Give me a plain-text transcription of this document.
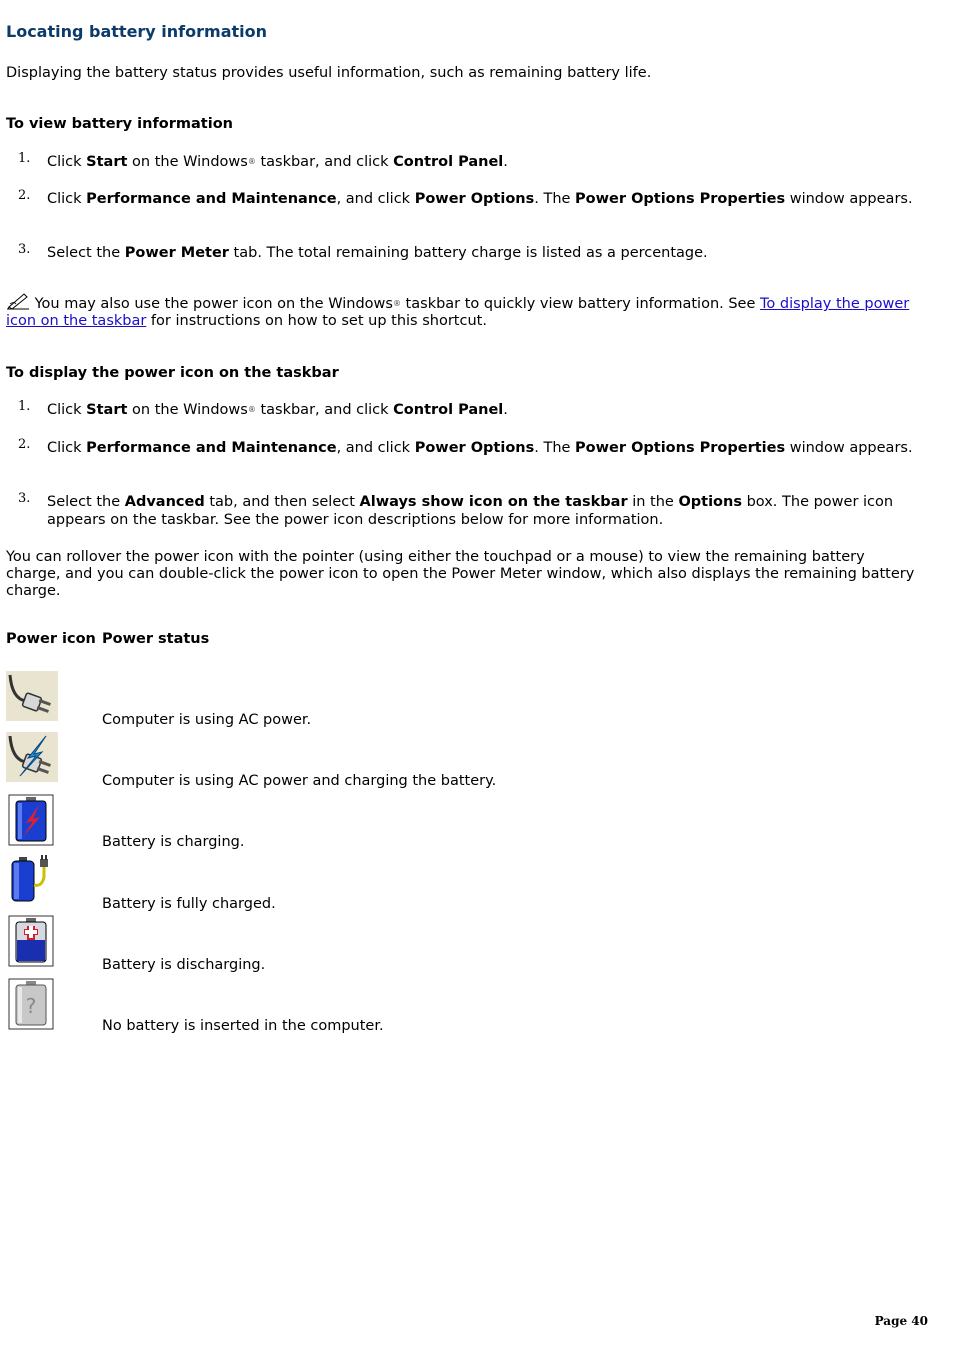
Locating battery information
Displaying the battery status provides useful information, such as remaining battery life.
To view battery information
1. Click Start on the Windows® taskbar, and click Control Panel.
2. Click Performance and Maintenance, and click Power Options. The Power Options Properties window appears.
3. Select the Power Meter tab. The total remaining battery charge is listed as a percentage.
You may also use the power icon on the Windows® taskbar to quickly view battery information. See To display the power icon on the taskbar for instructions on how to set up this shortcut.
To display the power icon on the taskbar
1. Click Start on the Windows® taskbar, and click Control Panel.
2. Click Performance and Maintenance, and click Power Options. The Power Options Properties window appears.
3. Select the Advanced tab, and then select Always show icon on the taskbar in the Options box. The power icon appears on the taskbar. See the power icon descriptions below for more information.
You can rollover the power icon with the pointer (using either the touchpad or a mouse) to view the remaining battery charge, and you can double-click the power icon to open the Power Meter window, which also displays the remaining battery charge.
Power icon Power status
Computer is using AC power.
Computer is using AC power and charging the battery.
Battery is charging.
Battery is fully charged.
Battery is discharging.
?
No battery is inserted in the computer.
Page 40
